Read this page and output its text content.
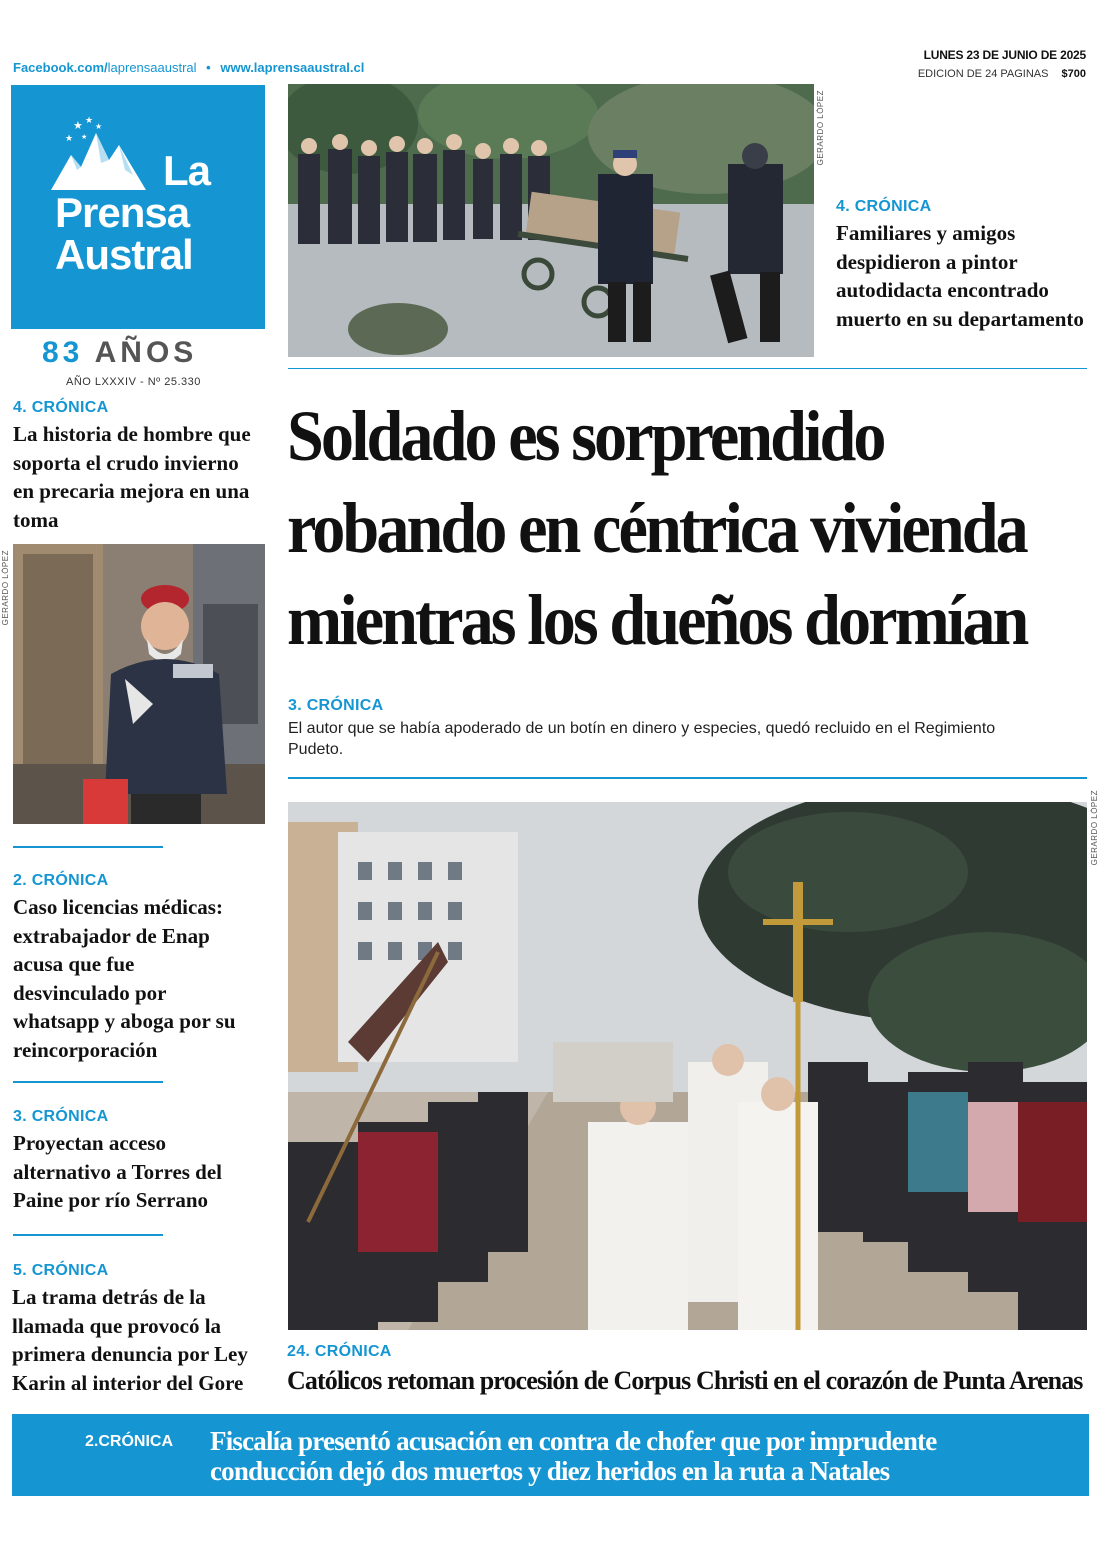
Facebook.com/laprensaaustral • www.laprensaaustral.cl
LUNES 23 DE JUNIO DE 2025
EDICION DE 24 PAGINAS $700
★ ★
★
★ ★
La
Prensa
Austral
83 AÑOS
AÑO LXXXIV - Nº 25.330
4. CRÓNICA
La historia de hombre que soporta el crudo invierno en precaria mejora en una toma
GERARDO LÓPEZ
2. CRÓNICA
Caso licencias médicas: extrabajador de Enap acusa que fue desvinculado por whatsapp y aboga por su reincorporación
3. CRÓNICA
Proyectan acceso alternativo a Torres del Paine por río Serrano
5. CRÓNICA
La trama detrás de la llamada que provocó la primera denuncia por Ley Karin al interior del Gore
GERARDO LÓPEZ
4. CRÓNICA
Familiares y amigos despidieron a pintor autodidacta encontrado muerto en su departamento
Soldado es sorprendido robando en céntrica vivienda mientras los dueños dormían
3. CRÓNICA
El autor que se había apoderado de un botín en dinero y especies, quedó recluido en el Regimiento Pudeto.
GERARDO LÓPEZ
24. CRÓNICA
Católicos retoman procesión de Corpus Christi en el corazón de Punta Arenas
2.CRÓNICA Fiscalía presentó acusación en contra de chofer que por imprudente
conducción dejó dos muertos y diez heridos en la ruta a Natales
